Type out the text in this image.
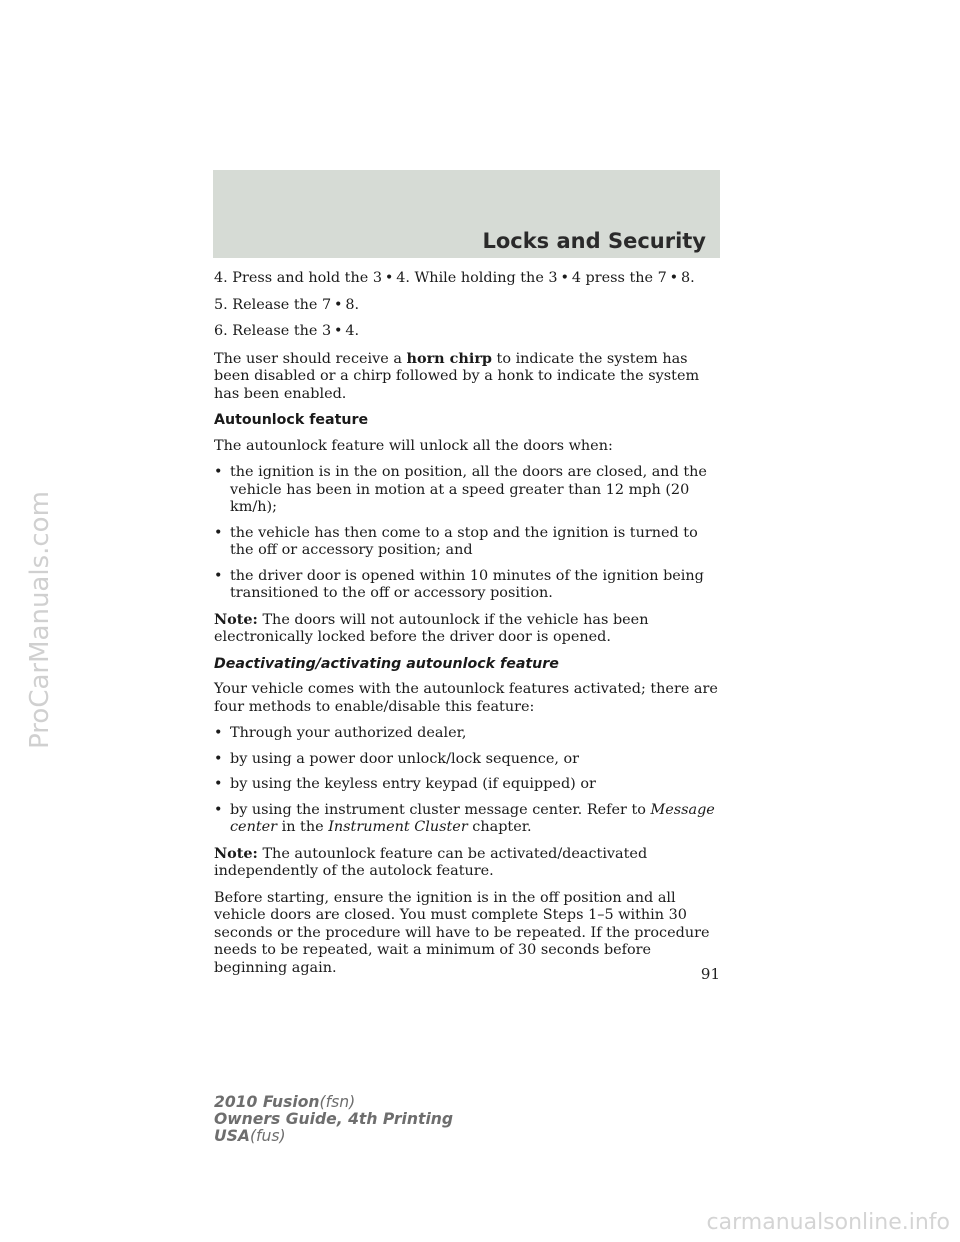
Locks and Security

4. Press and hold the 3 • 4. While holding the 3 • 4 press the 7 • 8.

5. Release the 7 • 8.

6. Release the 3 • 4.

The user should receive a horn chirp to indicate the system has been disabled or a chirp followed by a honk to indicate the system has been enabled.

Autounlock feature

The autounlock feature will unlock all the doors when:

• the ignition is in the on position, all the doors are closed, and the vehicle has been in motion at a speed greater than 12 mph (20 km/h);
• the vehicle has then come to a stop and the ignition is turned to the off or accessory position; and
• the driver door is opened within 10 minutes of the ignition being transitioned to the off or accessory position.

Note: The doors will not autounlock if the vehicle has been electronically locked before the driver door is opened.

Deactivating/activating autounlock feature

Your vehicle comes with the autounlock features activated; there are four methods to enable/disable this feature:

• Through your authorized dealer,
• by using a power door unlock/lock sequence, or
• by using the keyless entry keypad (if equipped) or
• by using the instrument cluster message center. Refer to Message center in the Instrument Cluster chapter.

Note: The autounlock feature can be activated/deactivated independently of the autolock feature.

Before starting, ensure the ignition is in the off position and all vehicle doors are closed. You must complete Steps 1–5 within 30 seconds or the procedure will have to be repeated. If the procedure needs to be repeated, wait a minimum of 30 seconds before beginning again.	91
2010 Fusion(fsn)
Owners Guide, 4th Printing
USA(fus)
ProCarManuals.com
carmanualsonline.info
